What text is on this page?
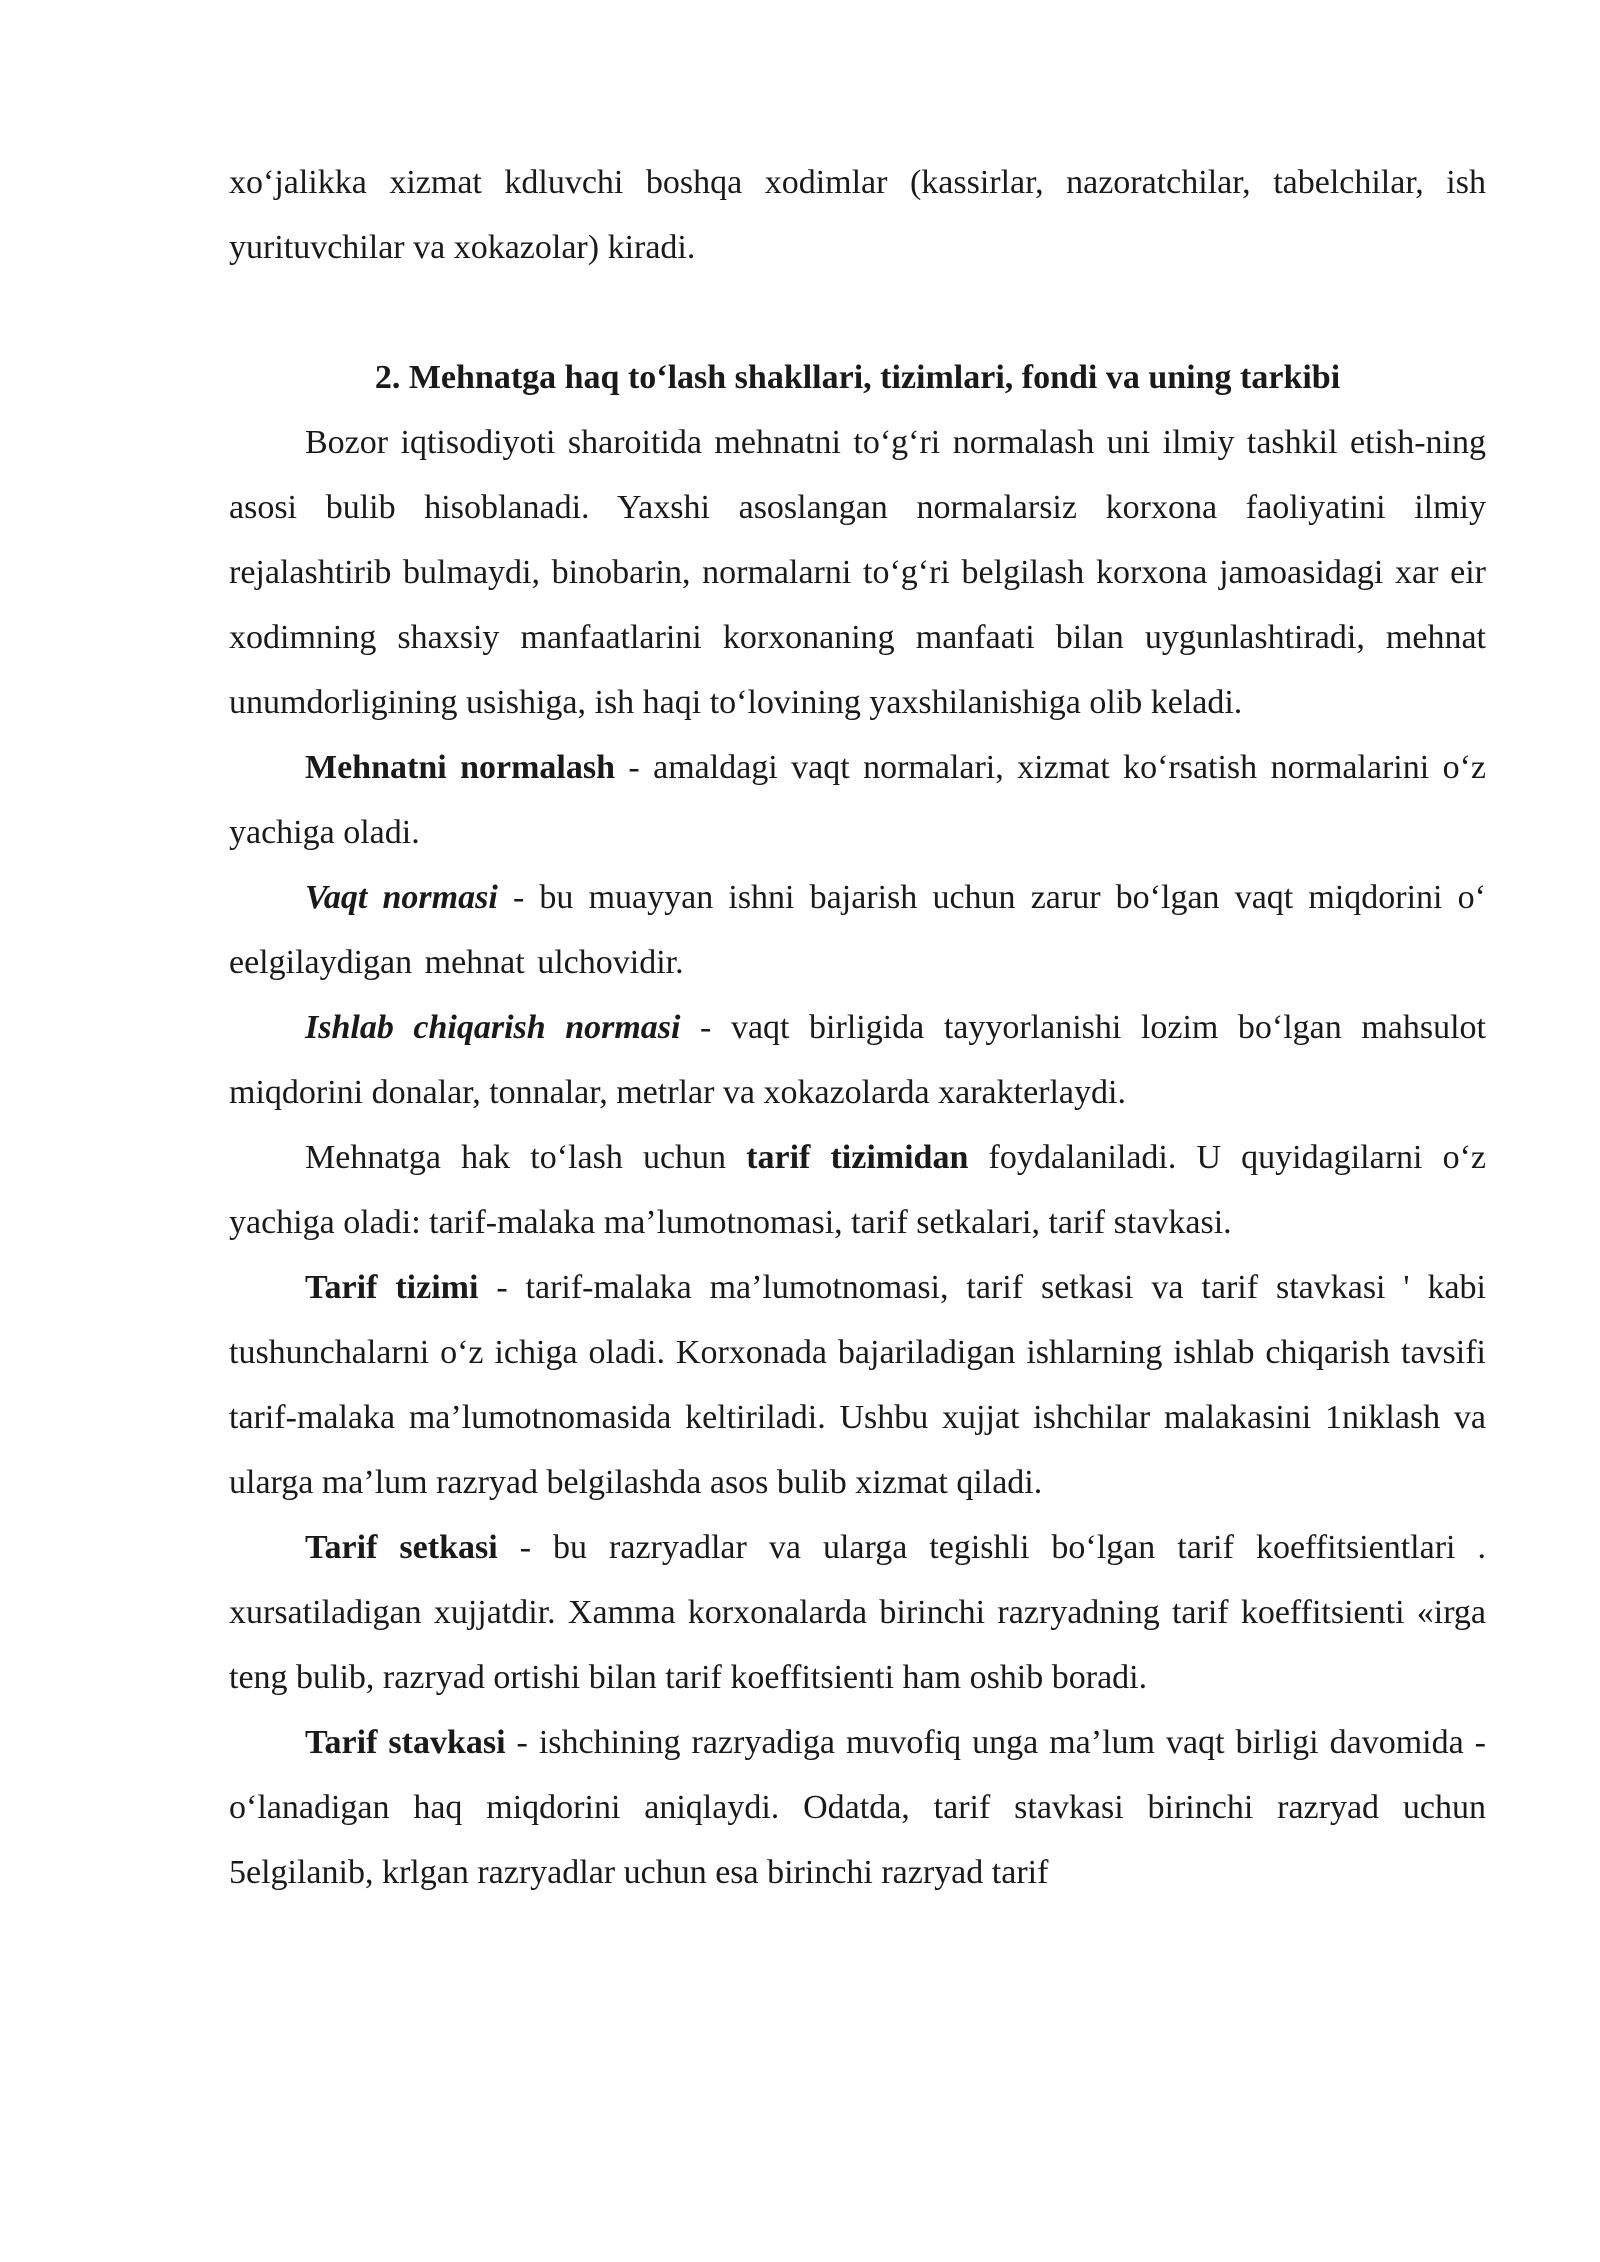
xo‘jalikka xizmat kdluvchi boshqa xodimlar (kassirlar, nazoratchilar, tabelchilar, ish yurituvchilar va xokazolar) kiradi.

2. Mehnatga haq to‘lash shakllari, tizimlari, fondi va uning tarkibi

Bozor iqtisodiyoti sharoitida mehnatni to‘g‘ri normalash uni ilmiy tashkil etish-ning asosi bulib hisoblanadi. Yaxshi asoslangan normalarsiz korxona faoliyatini ilmiy rejalashtirib bulmaydi, binobarin, normalarni to‘g‘ri belgilash korxona jamoasidagi xar eir xodimning shaxsiy manfaatlarini korxonaning manfaati bilan uygunlashtiradi, mehnat unumdorligining usishiga, ish haqi to‘lovining yaxshilanishiga olib keladi.

Mehnatni normalash - amaldagi vaqt normalari, xizmat ko‘rsatish normalarini o‘z yachiga oladi.

Vaqt normasi - bu muayyan ishni bajarish uchun zarur bo‘lgan vaqt miqdorini o‘ eelgilaydigan mehnat ulchovidir.

Ishlab chiqarish normasi - vaqt birligida tayyorlanishi lozim bo‘lgan mahsulot miqdorini donalar, tonnalar, metrlar va xokazolarda xarakterlaydi.

Mehnatga hak to‘lash uchun tarif tizimidan foydalaniladi. U quyidagilarni o‘z yachiga oladi: tarif-malaka ma’lumotnomasi, tarif setkalari, tarif stavkasi.

Tarif tizimi - tarif-malaka ma’lumotnomasi, tarif setkasi va tarif stavkasi ' kabi tushunchalarni o‘z ichiga oladi. Korxonada bajariladigan ishlarning ishlab chiqarish tavsifi tarif-malaka ma’lumotnomasida keltiriladi. Ushbu xujjat ishchilar malakasini 1niklash va ularga ma’lum razryad belgilashda asos bulib xizmat qiladi.

Tarif setkasi - bu razryadlar va ularga tegishli bo‘lgan tarif koeffitsientlari . xursatiladigan xujjatdir. Xamma korxonalarda birinchi razryadning tarif koeffitsienti «irga teng bulib, razryad ortishi bilan tarif koeffitsienti ham oshib boradi.

Tarif stavkasi - ishchining razryadiga muvofiq unga ma’lum vaqt birligi davomida -o‘lanadigan haq miqdorini aniqlaydi. Odatda, tarif stavkasi birinchi razryad uchun 5elgilanib, krlgan razryadlar uchun esa birinchi razryad tarif
